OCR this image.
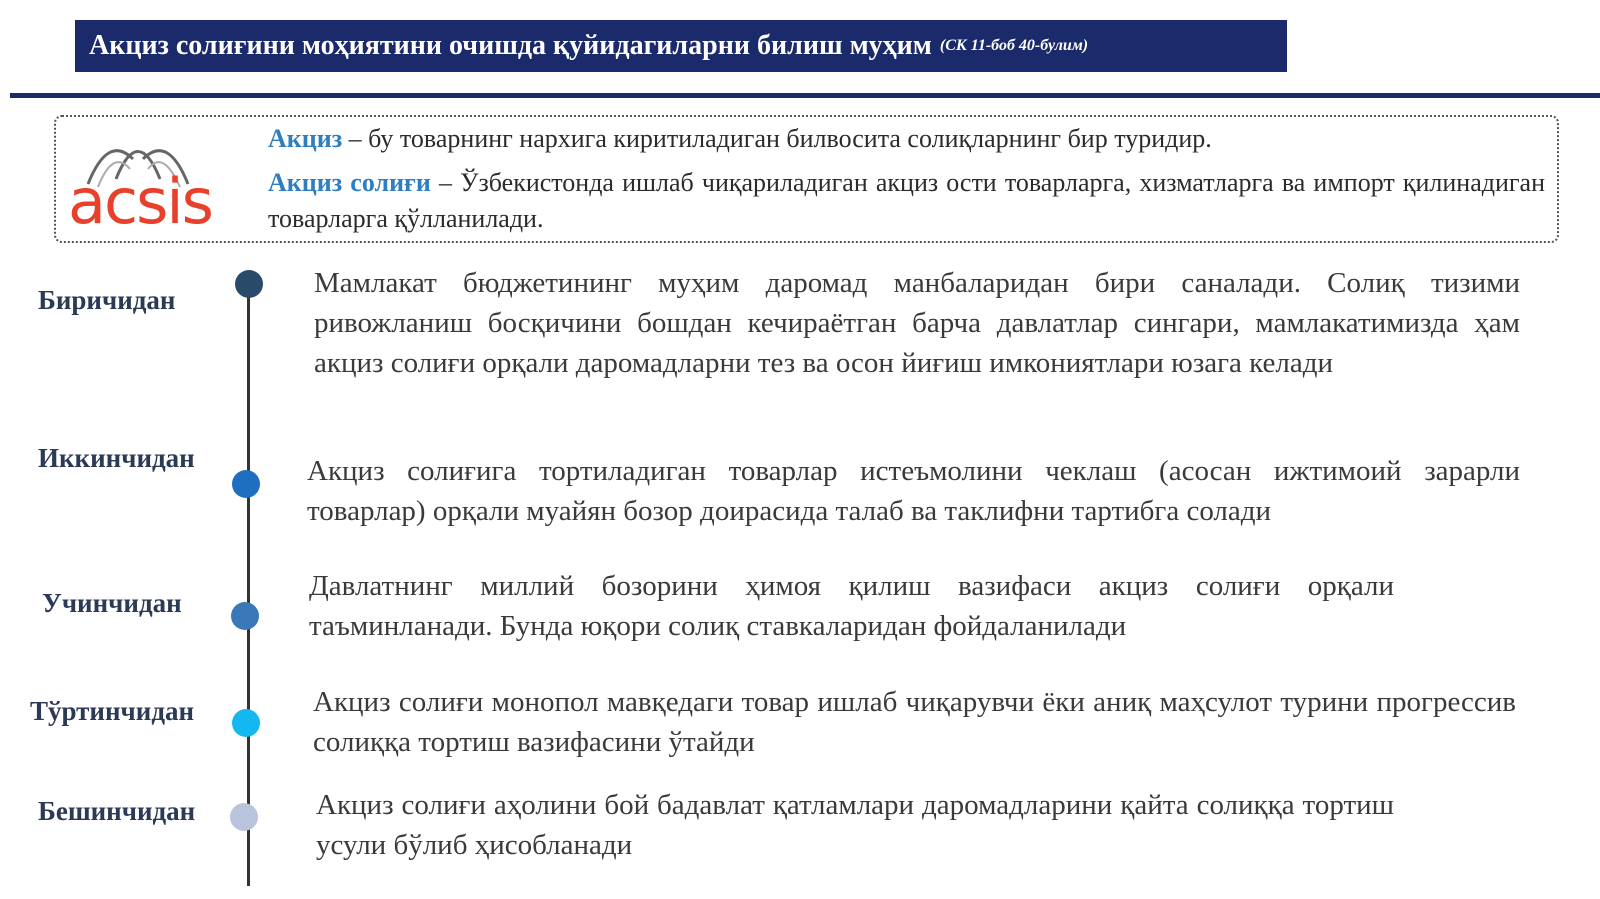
Акциз солиғини моҳиятини очишда қуйидагиларни билиш муҳим (СК 11-боб 40-булим)
acsis
Акциз – бу товарнинг нархига киритиладиган билвосита солиқларнинг бир туридир.
Акциз солиғи – Ўзбекистонда ишлаб чиқариладиган акциз ости товарларга, хизматларга ва импорт қилинадиган товарларга қўлланилади.
Биричидан
Мамлакат бюджетининг муҳим даромад манбаларидан бири саналади. Солиқ тизими ривожланиш босқичини бошдан кечираётган барча давлатлар сингари, мамлакатимизда ҳам акциз солиғи орқали даромадларни тез ва осон йиғиш имкониятлари юзага келади
Иккинчидан	Акциз солиғига тортиладиган товарлар истеъмолини чеклаш (асосан ижтимоий зарарли товарлар) орқали муайян бозор доирасида талаб ва таклифни тартибга солади
Учинчидан
Давлатнинг миллий бозорини ҳимоя қилиш вазифаси акциз солиғи орқали таъминланади. Бунда юқори солиқ ставкаларидан фойдаланилади
Тўртинчидан	Акциз солиғи монопол мавқедаги товар ишлаб чиқарувчи ёки аниқ маҳсулот турини прогрессив солиққа тортиш вазифасини ўтайди
Бешинчидан	Акциз солиғи аҳолини бой бадавлат қатламлари даромадларини қайта солиққа тортиш усули бўлиб ҳисобланади
